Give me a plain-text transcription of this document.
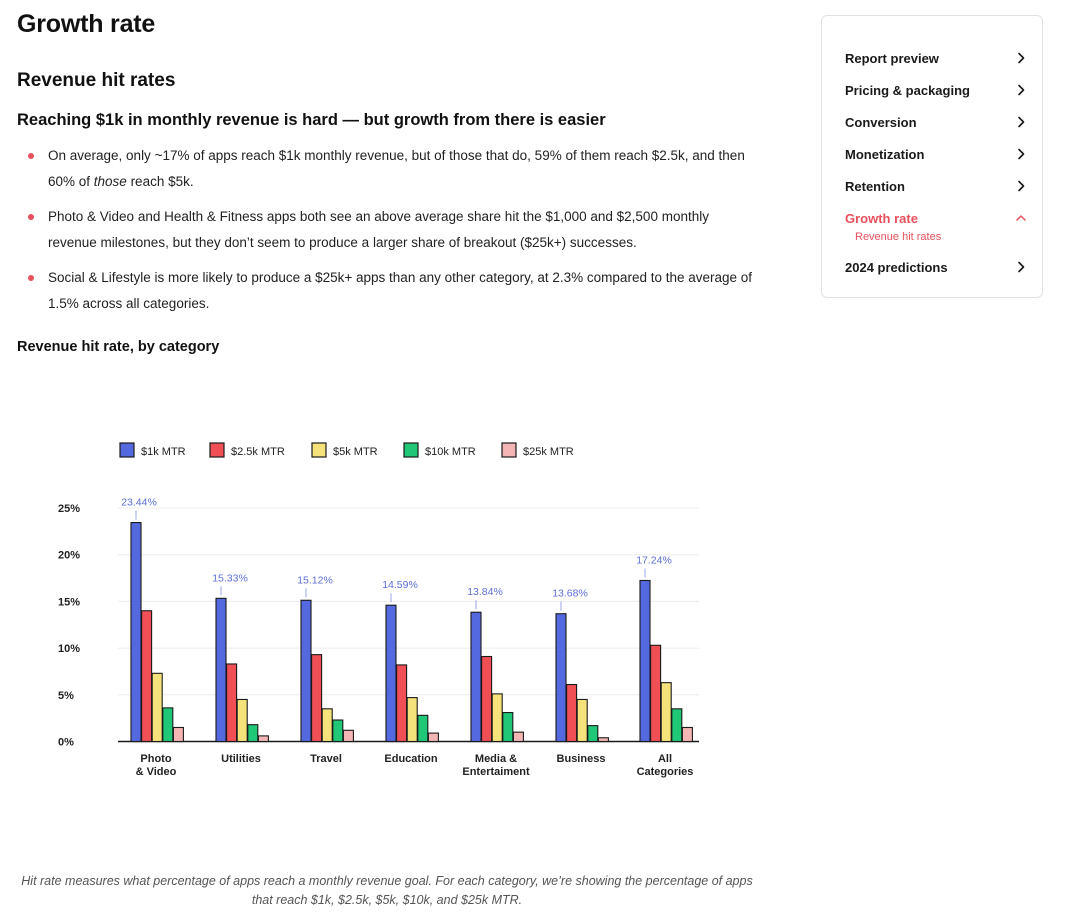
Growth rate
Revenue hit rates
Reaching $1k in monthly revenue is hard — but growth from there is easier
On average, only ~17% of apps reach $1k monthly revenue, but of those that do, 59% of them reach $2.5k, and then 60% of those reach $5k.
Photo & Video and Health & Fitness apps both see an above average share hit the $1,000 and $2,500 monthly revenue milestones, but they don’t seem to produce a larger share of breakout ($25k+) successes.
Social & Lifestyle is more likely to produce a $25k+ apps than any other category, at 2.3% compared to the average of 1.5% across all categories.
Revenue hit rate, by category

Hit rate measures what percentage of apps reach a monthly revenue goal. For each category, we’re showing the percentage of apps that reach $1k, $2.5k, $5k, $10k, and $25k MTR.

0%
5%
10%
15%
20%
25%
23.44%
15.33%	15.12%	14.59%
13.84%	13.68%
17.24%
Photo
& Video
Utilities	Travel	Education	Media &
Entertaiment
Business	All
Categories
$1k MTR	$2.5k MTR	$5k MTR	$10k MTR	$25k MTR
Report preview
Pricing & packaging
Conversion
Monetization
Retention
Growth rate
Revenue hit rates
2024 predictions
